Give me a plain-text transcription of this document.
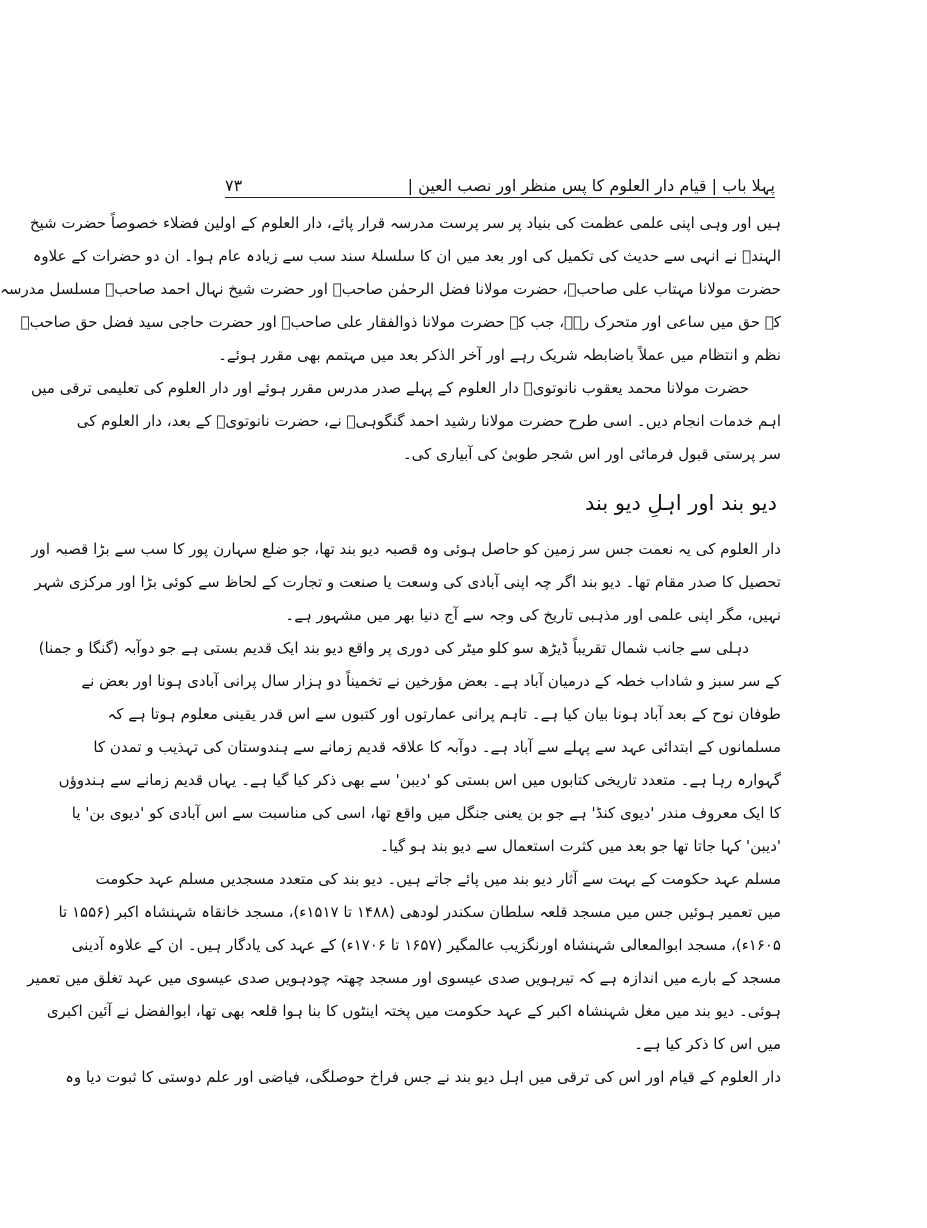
پہلا باب | قیام دار العلوم کا پس منظر اور نصب العین |
۷۳
ہیں اور وہی اپنی علمی عظمت کی بنیاد پر سر پرست مدرسہ قرار پائے، دار العلوم کے اولین فضلاء خصوصاً حضرت شیخ
الہندؒ نے انہی سے حدیث کی تکمیل کی اور بعد میں ان کا سلسلۂ سند سب سے زیادہ عام ہوا۔ ان دو حضرات کے علاوہ
حضرت مولانا مہتاب علی صاحبؒ، حضرت مولانا فضل الرحمٰن صاحبؒ اور حضرت شیخ نہال احمد صاحبؒ مسلسل مدرسہ
کے حق میں ساعی اور متحرک رہے، جب کہ حضرت مولانا ذوالفقار علی صاحبؒ اور حضرت حاجی سید فضل حق صاحبؒ
نظم و انتظام میں عملاً باضابطہ شریک رہے اور آخر الذکر بعد میں مہتمم بھی مقرر ہوئے۔
حضرت مولانا محمد یعقوب نانوتویؒ دار العلوم کے پہلے صدر مدرس مقرر ہوئے اور دار العلوم کی تعلیمی ترقی میں
اہم خدمات انجام دیں۔ اسی طرح حضرت مولانا رشید احمد گنگوہیؒ نے، حضرت نانوتویؒ کے بعد، دار العلوم کی
سر پرستی قبول فرمائی اور اس شجر طوبیٰ کی آبیاری کی۔
دیو بند اور اہلِ دیو بند
دار العلوم کی یہ نعمت جس سر زمین کو حاصل ہوئی وہ قصبہ دیو بند تھا، جو ضلع سہارن پور کا سب سے بڑا قصبہ اور
تحصیل کا صدر مقام تھا۔ دیو بند اگر چہ اپنی آبادی کی وسعت یا صنعت و تجارت کے لحاظ سے کوئی بڑا اور مرکزی شہر
نہیں، مگر اپنی علمی اور مذہبی تاریخ کی وجہ سے آج دنیا بھر میں مشہور ہے۔
دہلی سے جانب شمال تقریباً ڈیڑھ سو کلو میٹر کی دوری پر واقع دیو بند ایک قدیم بستی ہے جو دوآبہ (گنگا و جمنا)
کے سر سبز و شاداب خطہ کے درمیان آباد ہے۔ بعض مؤرخین نے تخمیناً دو ہزار سال پرانی آبادی ہونا اور بعض نے
طوفان نوح کے بعد آباد ہونا بیان کیا ہے۔ تاہم پرانی عمارتوں اور کتبوں سے اس قدر یقینی معلوم ہوتا ہے کہ
مسلمانوں کے ابتدائی عہد سے پہلے سے آباد ہے۔ دوآبہ کا علاقہ قدیم زمانے سے ہندوستان کی تہذیب و تمدن کا
گہوارہ رہا ہے۔ متعدد تاریخی کتابوں میں اس بستی کو 'دیبن' سے بھی ذکر کیا گیا ہے۔ یہاں قدیم زمانے سے ہندوؤں
کا ایک معروف مندر 'دیوی کنڈ' ہے جو بن یعنی جنگل میں واقع تھا، اسی کی مناسبت سے اس آبادی کو 'دیوی بن' یا
'دیبن' کہا جاتا تھا جو بعد میں کثرت استعمال سے دیو بند ہو گیا۔
مسلم عہد حکومت کے بہت سے آثار دیو بند میں پائے جاتے ہیں۔ دیو بند کی متعدد مسجدیں مسلم عہد حکومت
میں تعمیر ہوئیں جس میں مسجد قلعہ سلطان سکندر لودھی (۱۴۸۸ تا ۱۵۱۷ء)، مسجد خانقاہ شہنشاہ اکبر (۱۵۵۶ تا
۱۶۰۵ء)، مسجد ابوالمعالی شہنشاہ اورنگزیب عالمگیر (۱۶۵۷ تا ۱۷۰۶ء) کے عہد کی یادگار ہیں۔ ان کے علاوہ آدینی
مسجد کے بارے میں اندازہ ہے کہ تیرہویں صدی عیسوی اور مسجد چھتہ چودہویں صدی عیسوی میں عہد تغلق میں تعمیر
ہوئی۔ دیو بند میں مغل شہنشاہ اکبر کے عہد حکومت میں پختہ اینٹوں کا بنا ہوا قلعہ بھی تھا، ابوالفضل نے آئین اکبری
میں اس کا ذکر کیا ہے۔
دار العلوم کے قیام اور اس کی ترقی میں اہل دیو بند نے جس فراخ حوصلگی، فیاضی اور علم دوستی کا ثبوت دیا وہ
